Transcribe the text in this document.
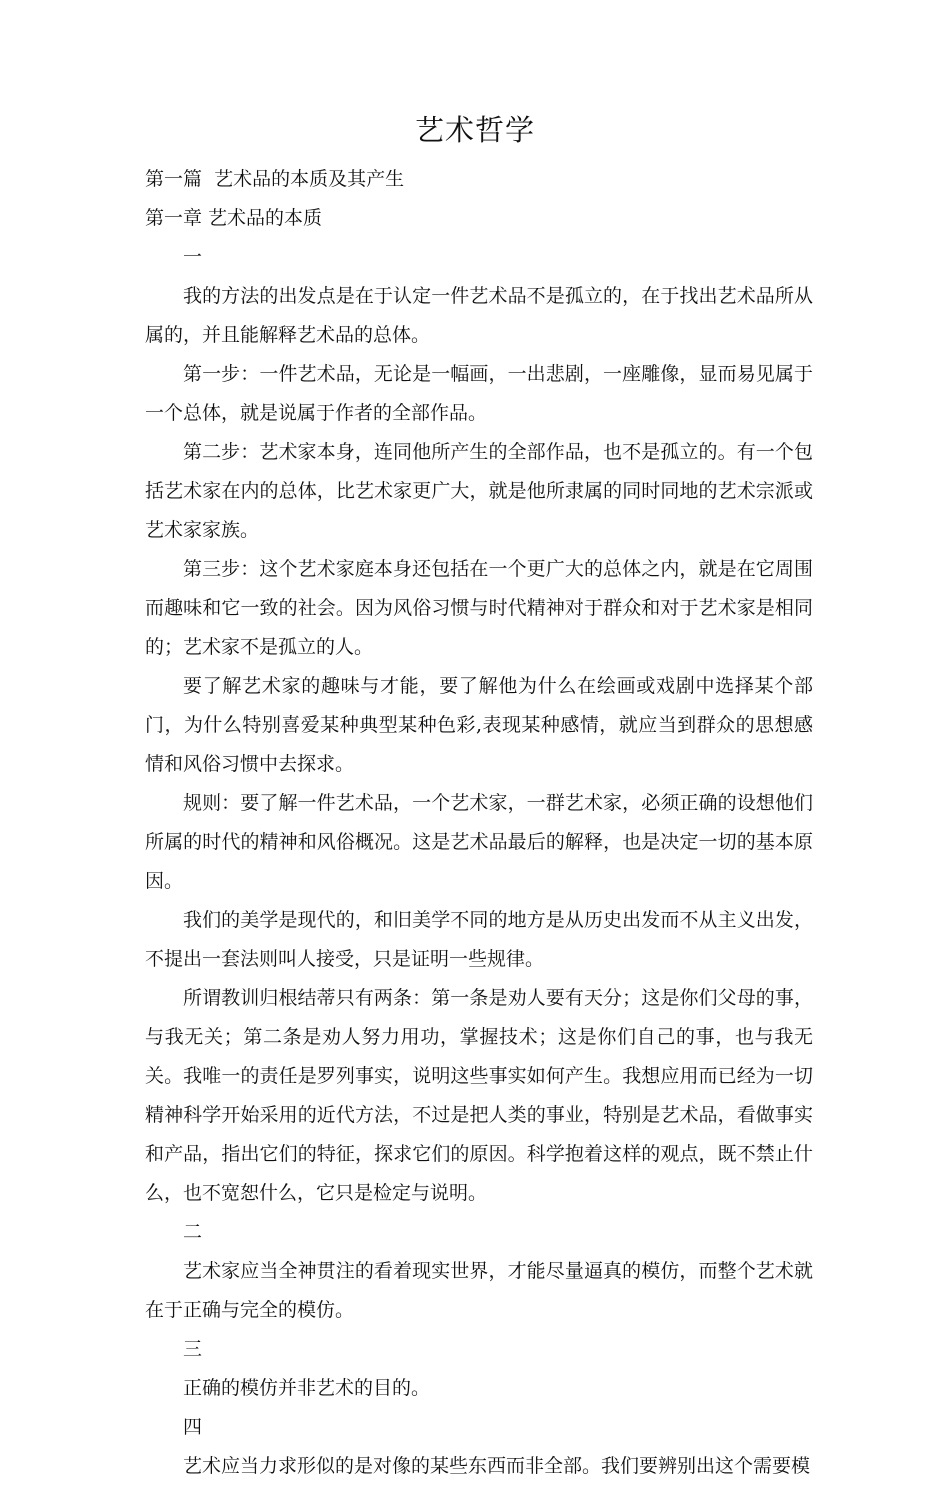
艺术哲学

第一篇  艺术品的本质及其产生

第一章 艺术品的本质

一

我的方法的出发点是在于认定一件艺术品不是孤立的，在于找出艺术品所从属的，并且能解释艺术品的总体。

第一步：一件艺术品，无论是一幅画，一出悲剧，一座雕像，显而易见属于一个总体，就是说属于作者的全部作品。

第二步：艺术家本身，连同他所产生的全部作品，也不是孤立的。有一个包括艺术家在内的总体，比艺术家更广大，就是他所隶属的同时同地的艺术宗派或艺术家家族。

第三步：这个艺术家庭本身还包括在一个更广大的总体之内，就是在它周围而趣味和它一致的社会。因为风俗习惯与时代精神对于群众和对于艺术家是相同的；艺术家不是孤立的人。

要了解艺术家的趣味与才能，要了解他为什么在绘画或戏剧中选择某个部门，为什么特别喜爱某种典型某种色彩,表现某种感情，就应当到群众的思想感情和风俗习惯中去探求。

规则：要了解一件艺术品，一个艺术家，一群艺术家，必须正确的设想他们所属的时代的精神和风俗概况。这是艺术品最后的解释，也是决定一切的基本原因。

我们的美学是现代的，和旧美学不同的地方是从历史出发而不从主义出发，不提出一套法则叫人接受，只是证明一些规律。

所谓教训归根结蒂只有两条：第一条是劝人要有天分；这是你们父母的事，与我无关；第二条是劝人努力用功，掌握技术；这是你们自己的事，也与我无关。我唯一的责任是罗列事实，说明这些事实如何产生。我想应用而已经为一切精神科学开始采用的近代方法，不过是把人类的事业，特别是艺术品，看做事实和产品，指出它们的特征，探求它们的原因。科学抱着这样的观点，既不禁止什么，也不宽恕什么，它只是检定与说明。

二

艺术家应当全神贯注的看着现实世界，才能尽量逼真的模仿，而整个艺术就在于正确与完全的模仿。

三

正确的模仿并非艺术的目的。

四

艺术应当力求形似的是对像的某些东西而非全部。我们要辨别出这个需要模
